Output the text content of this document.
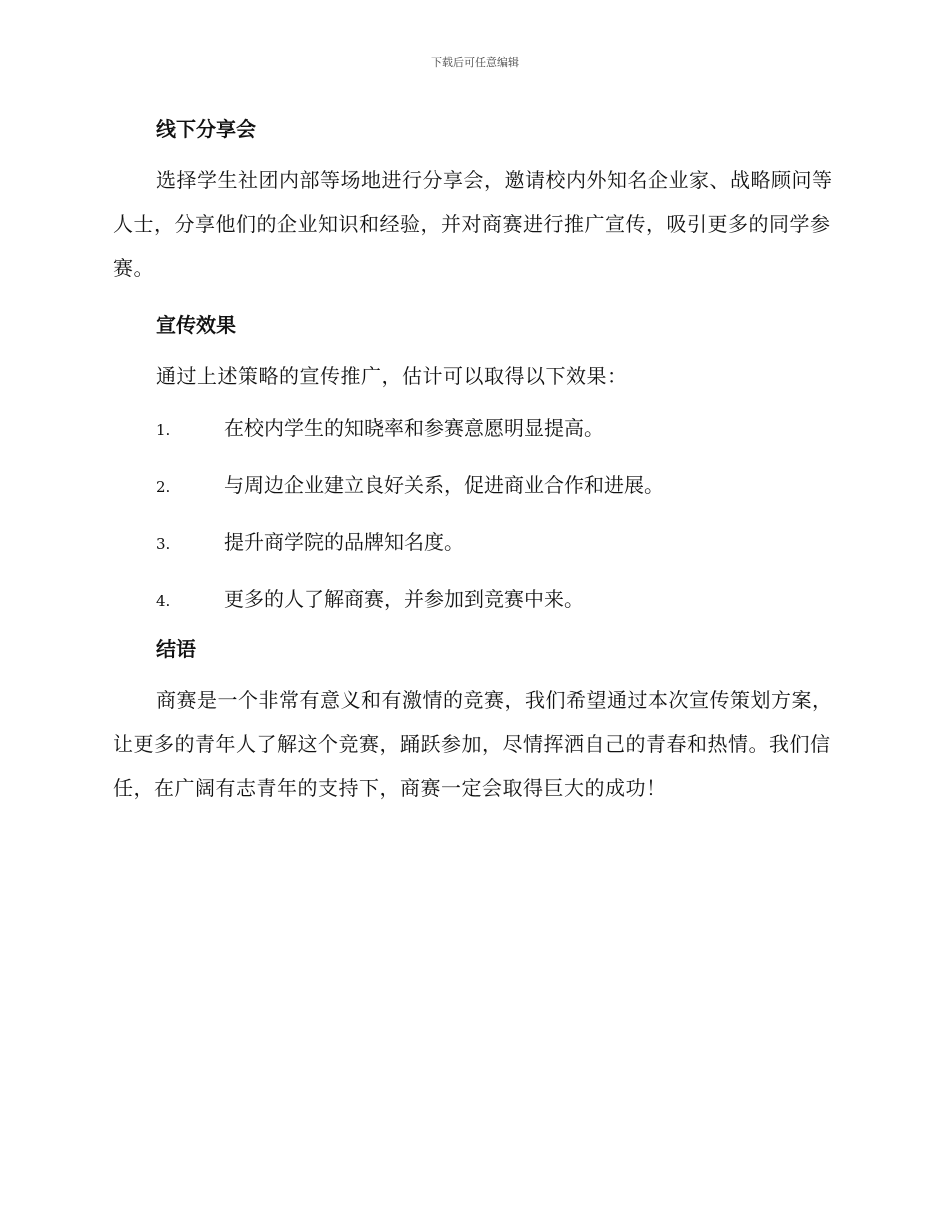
下载后可任意编辑
线下分享会

选择学生社团内部等场地进行分享会，邀请校内外知名企业家、战略顾问等人士，分享他们的企业知识和经验，并对商赛进行推广宣传，吸引更多的同学参赛。

宣传效果

通过上述策略的宣传推广，估计可以取得以下效果：

1.	在校内学生的知晓率和参赛意愿明显提高。
2.	与周边企业建立良好关系，促进商业合作和进展。
3.	提升商学院的品牌知名度。
4.	更多的人了解商赛，并参加到竞赛中来。
结语

商赛是一个非常有意义和有激情的竞赛，我们希望通过本次宣传策划方案，让更多的青年人了解这个竞赛，踊跃参加，尽情挥洒自己的青春和热情。我们信任，在广阔有志青年的支持下，商赛一定会取得巨大的成功！
